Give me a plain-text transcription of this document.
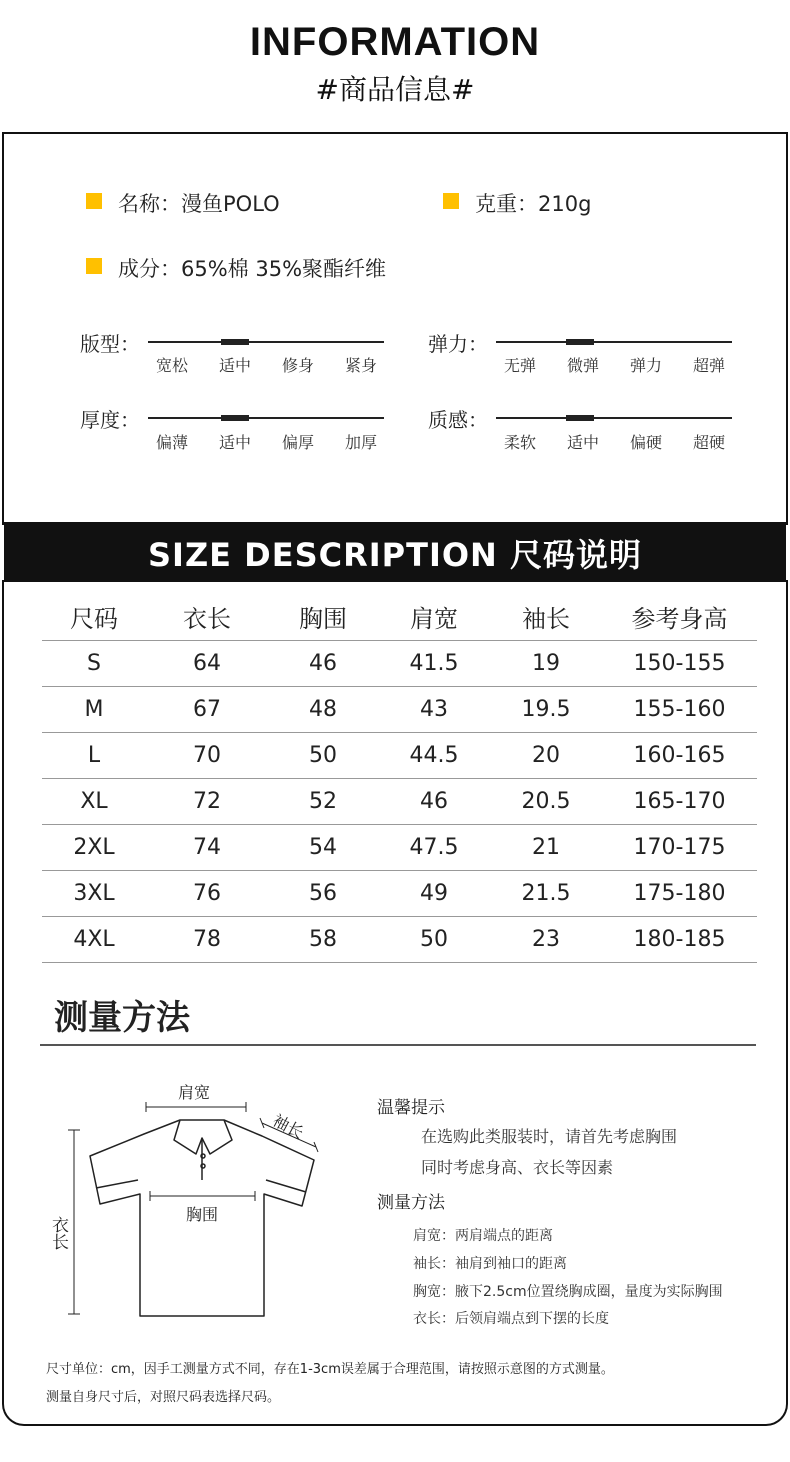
INFORMATION
#商品信息#
名称：漫鱼POLO	克重：210g
成分：65%棉 35%聚酯纤维
版型：
宽松	适中	修身	紧身
弹力：
无弹	微弹	弹力	超弹
厚度：
偏薄	适中	偏厚	加厚
质感：
柔软	适中	偏硬	超硬
SIZE DESCRIPTION 尺码说明
尺码	衣长	胸围	肩宽	袖长	参考身高
S	64	46	41.5	19	150-155
M	67	48	43	19.5	155-160
L	70	50	44.5	20	160-165
XL	72	52	46	20.5	165-170
2XL	74	54	47.5	21	170-175
3XL	76	56	49	21.5	175-180
4XL	78	58	50	23	180-185
测量方法
肩宽
袖长
胸围
衣长
温馨提示
在选购此类服装时，请首先考虑胸围
同时考虑身高、衣长等因素
测量方法
肩宽：两肩端点的距离
袖长：袖肩到袖口的距离
胸宽：腋下2.5cm位置绕胸成圈，量度为实际胸围
衣长：后领肩端点到下摆的长度
尺寸单位：cm，因手工测量方式不同，存在1-3cm误差属于合理范围，请按照示意图的方式测量。
测量自身尺寸后，对照尺码表选择尺码。
